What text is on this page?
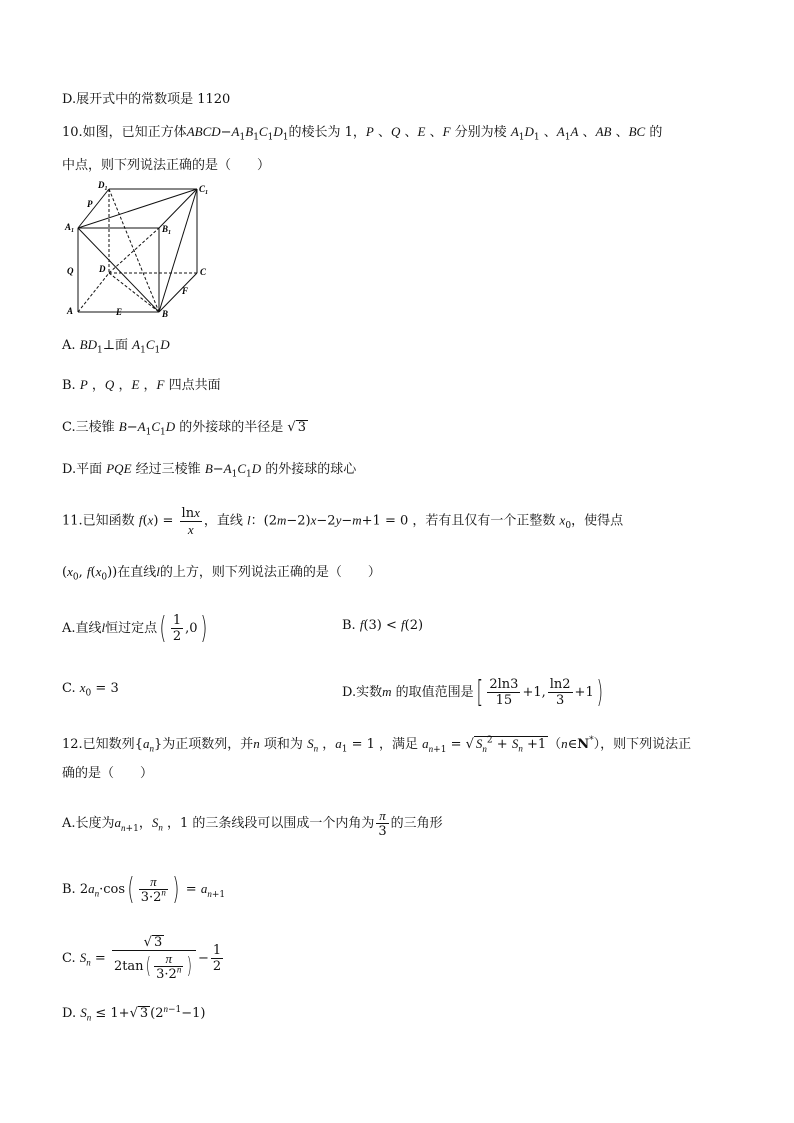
D.展开式中的常数项是 1120
10.如图，已知正方体$ABCD-A_1B_1C_1D_1$的棱长为 1，P 、Q 、E 、F 分别为棱 $A_1D_1$ 、$A_1A$ 、AB 、BC 的
中点，则下列说法正确的是（　　）
$D_1$	$C_1$
$A_1$	$B_1$
P
Q	D	C
A	E	B
F
A. $BD_1\perp$面 $A_1C_1D$
B. P ，Q ，E ，F 四点共面
C.三棱锥 $B-A_1C_1D$ 的外接球的半径是 √ 3
D.平面 PQE 经过三棱锥 $B-A_1C_1D$ 的外接球的球心
11.已知函数 $f(x) = \frac{\ln x}{x}$ ，直线 l：(2m−2)x−2y−m+1 = 0 ，若有且仅有一个正整数 $x_0$，使得点
($x_0$, $f(x_0)$)在直线l的上方，则下列说法正确的是（　　）
A.直线l恒过定点( $\frac{1}{2} ,0$)	B. f(3) < f(2)
C. $x_0 = 3$	D.实数m 的取值范围是[ $\frac{2\ln 3}{15} +1$, $\frac{\ln 2}{3} +1$)
12.已知数列$\{a_n\}$为正项数列，并n 项和为 $S_n$ ，$a_1 = 1$ ，满足 $a_{n+1}$ = √ $S_n^2 + S_n +1$ （n∈N*），则下列说法正
确的是（　　）
A.长度为$a_{n+1}$，$S_n$ ，1 的三条线段可以围成一个内角为 $\frac{\pi}{3}$ 的三角形
B. $2a_n\cdot\cos( \frac{\pi}{3\cdot 2^n}$ ) = $a_{n+1}$
C. $S_n = \frac{√ 3}{2\tan( \frac{\pi}{3\cdot 2^n} )} - \frac{1}{2}$
D. $S_n \le 1+√$ 3 $(2^{n-1}-1)$
